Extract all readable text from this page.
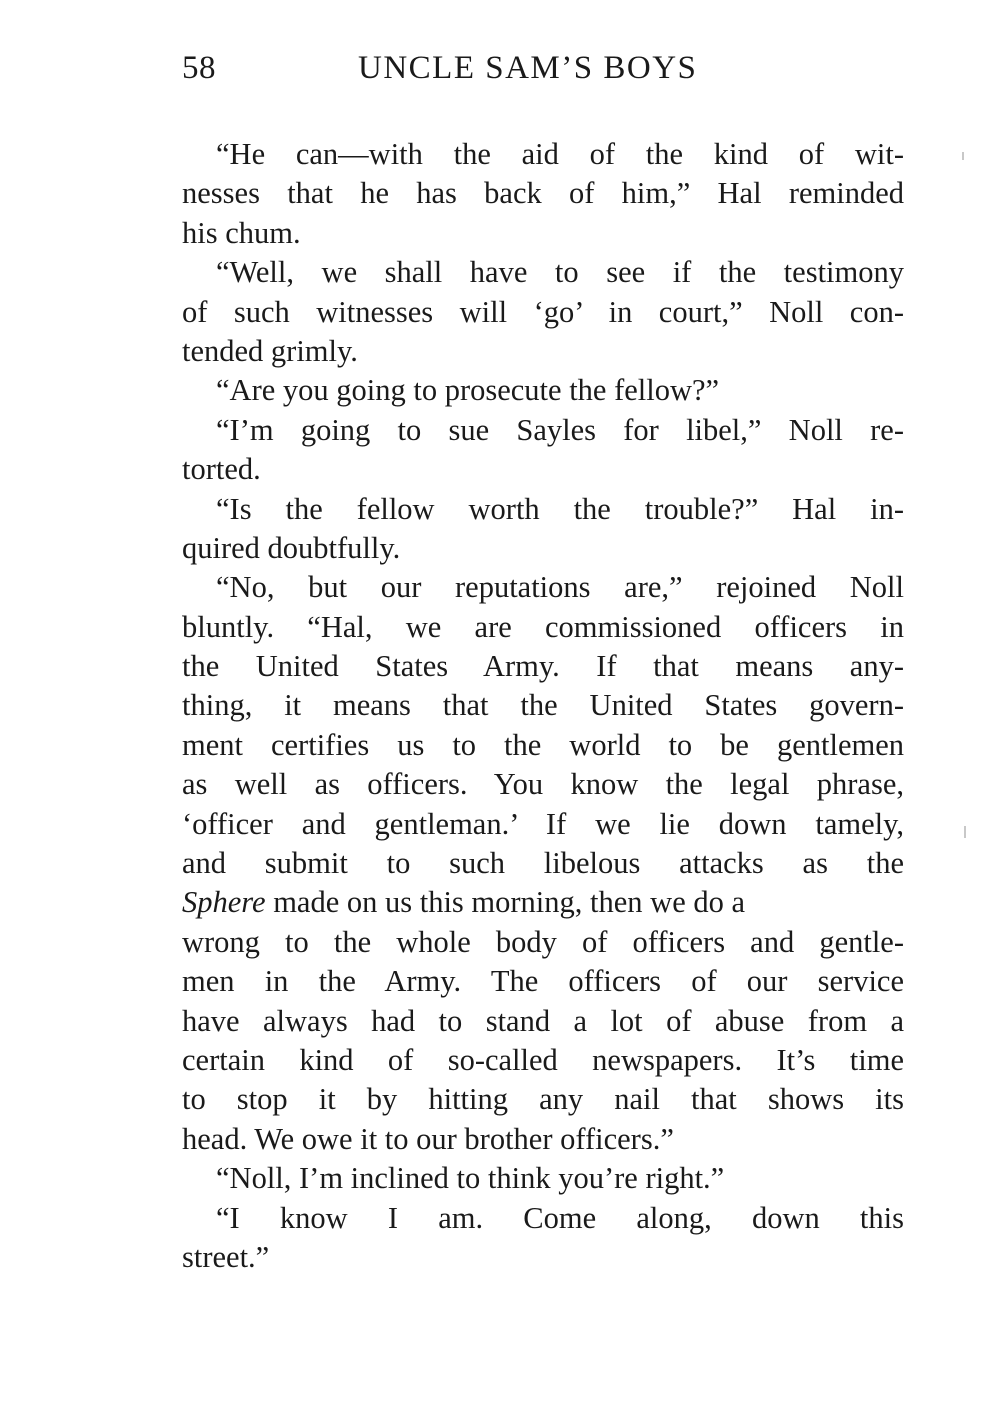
58	UNCLE SAM’S BOYS
“He can—with the aid of the kind of wit-
nesses that he has back of him,” Hal reminded
his chum.
“Well, we shall have to see if the testimony
of such witnesses will ‘go’ in court,” Noll con-
tended grimly.
“Are you going to prosecute the fellow?”
“I’m going to sue Sayles for libel,” Noll re-
torted.
“Is the fellow worth the trouble?” Hal in-
quired doubtfully.
“No, but our reputations are,” rejoined Noll
bluntly. “Hal, we are commissioned officers in
the United States Army. If that means any-
thing, it means that the United States govern-
ment certifies us to the world to be gentlemen
as well as officers. You know the legal phrase,
‘officer and gentleman.’ If we lie down tamely,
and submit to such libelous attacks as the
Sphere made on us this morning, then we do a
wrong to the whole body of officers and gentle-
men in the Army. The officers of our service
have always had to stand a lot of abuse from a
certain kind of so-called newspapers. It’s time
to stop it by hitting any nail that shows its
head. We owe it to our brother officers.”
“Noll, I’m inclined to think you’re right.”
“I know I am. Come along, down this
street.”
